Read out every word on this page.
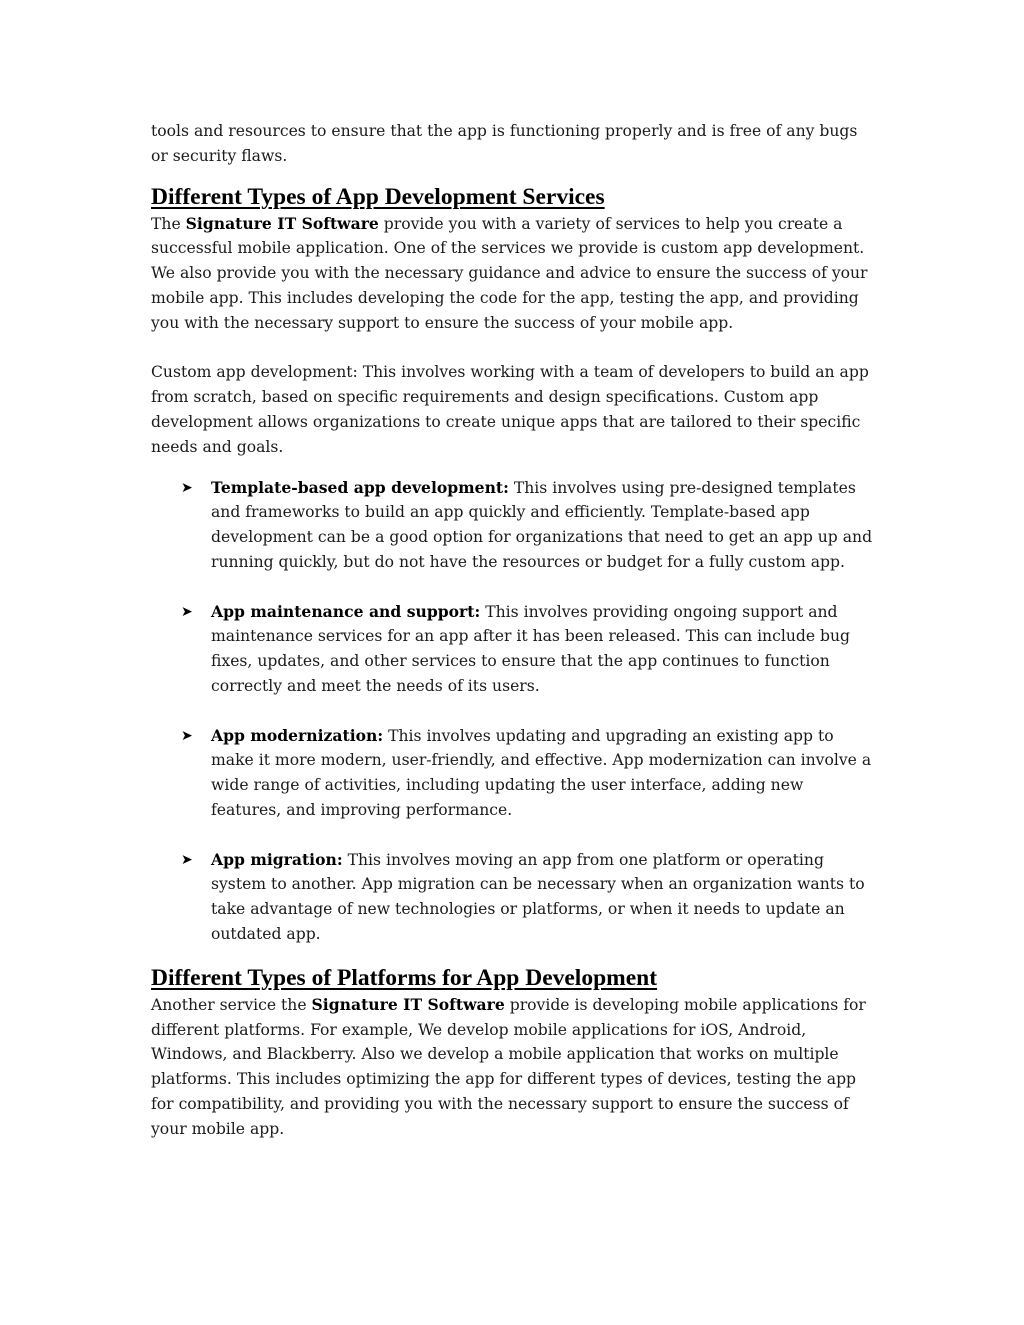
tools and resources to ensure that the app is functioning properly and is free of any bugs or security flaws.

Different Types of App Development Services

The Signature IT Software provide you with a variety of services to help you create a successful mobile application. One of the services we provide is custom app development. We also provide you with the necessary guidance and advice to ensure the success of your mobile app. This includes developing the code for the app, testing the app, and providing you with the necessary support to ensure the success of your mobile app.

Custom app development: This involves working with a team of developers to build an app from scratch, based on specific requirements and design specifications. Custom app development allows organizations to create unique apps that are tailored to their specific needs and goals.

➤ Template-based app development: This involves using pre-designed templates and frameworks to build an app quickly and efficiently. Template-based app development can be a good option for organizations that need to get an app up and running quickly, but do not have the resources or budget for a fully custom app.
➤ App maintenance and support: This involves providing ongoing support and maintenance services for an app after it has been released. This can include bug fixes, updates, and other services to ensure that the app continues to function correctly and meet the needs of its users.
➤ App modernization: This involves updating and upgrading an existing app to make it more modern, user-friendly, and effective. App modernization can involve a wide range of activities, including updating the user interface, adding new features, and improving performance.
➤ App migration: This involves moving an app from one platform or operating system to another. App migration can be necessary when an organization wants to take advantage of new technologies or platforms, or when it needs to update an outdated app.
Different Types of Platforms for App Development

Another service the Signature IT Software provide is developing mobile applications for different platforms. For example, We develop mobile applications for iOS, Android, Windows, and Blackberry. Also we develop a mobile application that works on multiple platforms. This includes optimizing the app for different types of devices, testing the app for compatibility, and providing you with the necessary support to ensure the success of your mobile app.
